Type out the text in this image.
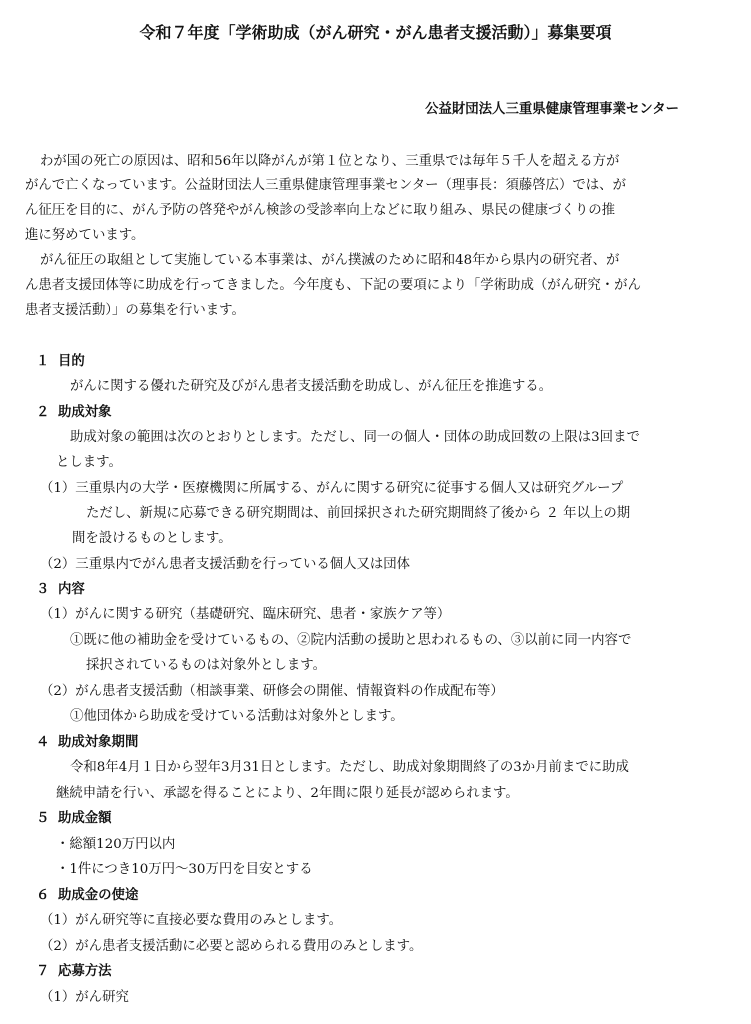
令和７年度「学術助成（がん研究・がん患者支援活動）」募集要項
公益財団法人三重県健康管理事業センター
わが国の死亡の原因は、昭和56年以降がんが第１位となり、三重県では毎年５千人を超える方が
がんで亡くなっています。公益財団法人三重県健康管理事業センター（理事長：須藤啓広）では、が
ん征圧を目的に、がん予防の啓発やがん検診の受診率向上などに取り組み、県民の健康づくりの推
進に努めています。
がん征圧の取組として実施している本事業は、がん撲滅のために昭和48年から県内の研究者、が
ん患者支援団体等に助成を行ってきました。今年度も、下記の要項により「学術助成（がん研究・がん
患者支援活動）」の募集を行います。
１ 目的
がんに関する優れた研究及びがん患者支援活動を助成し、がん征圧を推進する。
２ 助成対象
助成対象の範囲は次のとおりとします。ただし、同一の個人・団体の助成回数の上限は3回まで
とします。
（1）三重県内の大学・医療機関に所属する、がんに関する研究に従事する個人又は研究グループ
ただし、新規に応募できる研究期間は、前回採択された研究期間終了後から ２ 年以上の期
間を設けるものとします。
（2）三重県内でがん患者支援活動を行っている個人又は団体
３ 内容
（1）がんに関する研究（基礎研究、臨床研究、患者・家族ケア等）
①既に他の補助金を受けているもの、②院内活動の援助と思われるもの、③以前に同一内容で
採択されているものは対象外とします。
（2）がん患者支援活動（相談事業、研修会の開催、情報資料の作成配布等）
①他団体から助成を受けている活動は対象外とします。
４ 助成対象期間
令和8年4月１日から翌年3月31日とします。ただし、助成対象期間終了の3か月前までに助成
継続申請を行い、承認を得ることにより、2年間に限り延長が認められます。
５ 助成金額
・総額120万円以内
・1件につき10万円～30万円を目安とする
６ 助成金の使途
（1）がん研究等に直接必要な費用のみとします。
（2）がん患者支援活動に必要と認められる費用のみとします。
７ 応募方法
（1）がん研究
